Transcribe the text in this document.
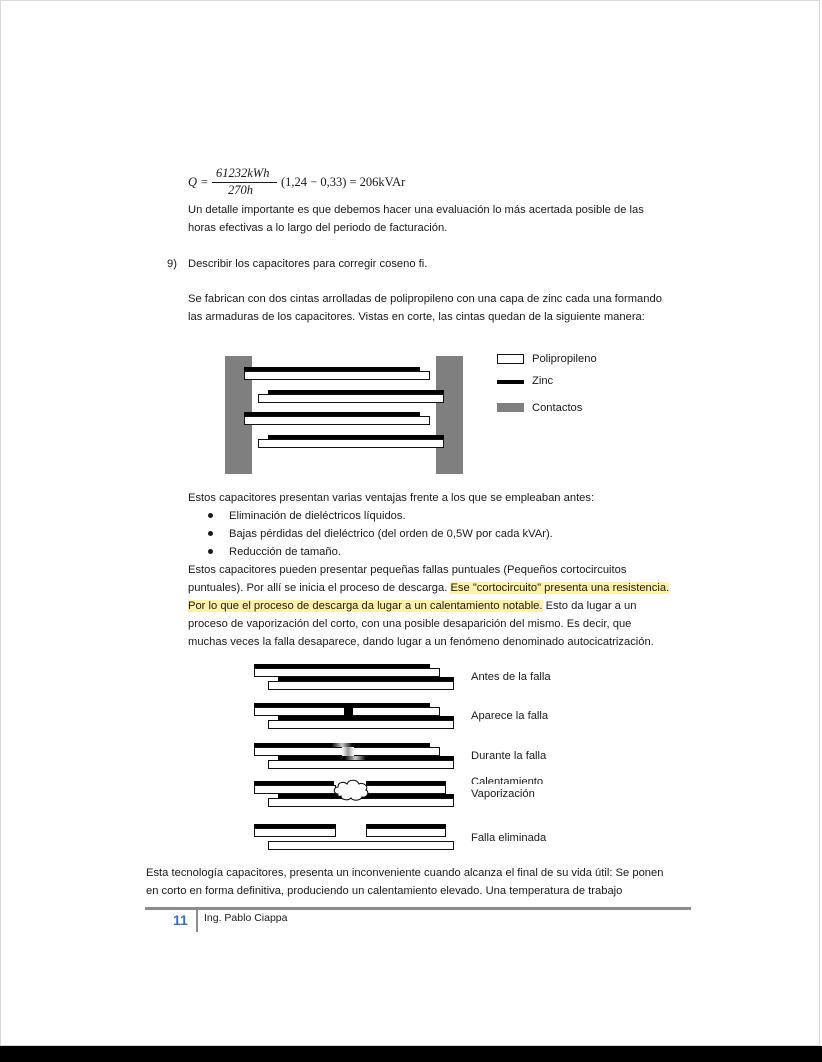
Q =
61232kWh
270h
(1,24 − 0,33) = 206kVAr
Un detalle importante es que debemos hacer una evaluación lo más acertada posible de las
horas efectivas a lo largo del periodo de facturación.
9) Describir los capacitores para corregir coseno fi.
Se fabrican con dos cintas arrolladas de polipropileno con una capa de zinc cada una formando
las armaduras de los capacitores. Vistas en corte, las cintas quedan de la siguiente manera:
Polipropileno
Zinc
Contactos
Estos capacitores presentan varias ventajas frente a los que se empleaban antes:
Eliminación de dieléctricos líquidos.
Bajas pérdidas del dieléctrico (del orden de 0,5W por cada kVAr).
Reducción de tamaño.
Estos capacitores pueden presentar pequeñas fallas puntuales (Pequeños cortocircuitos
puntuales). Por allí se inicia el proceso de descarga. Ese "cortocircuito" presenta una resistencia.
Por lo que el proceso de descarga da lugar a un calentamiento notable. Esto da lugar a un
proceso de vaporización del corto, con una posible desaparición del mismo. Es decir, que
muchas veces la falla desaparece, dando lugar a un fenómeno denominado autocicatrización.
Antes de la falla
Aparece la falla
Durante la falla
Calentamiento
Vaporización
Falla eliminada
Esta tecnología capacitores, presenta un inconveniente cuando alcanza el final de su vida útil: Se ponen
en corto en forma definitiva, produciendo un calentamiento elevado. Una temperatura de trabajo
11 Ing. Pablo Ciappa
